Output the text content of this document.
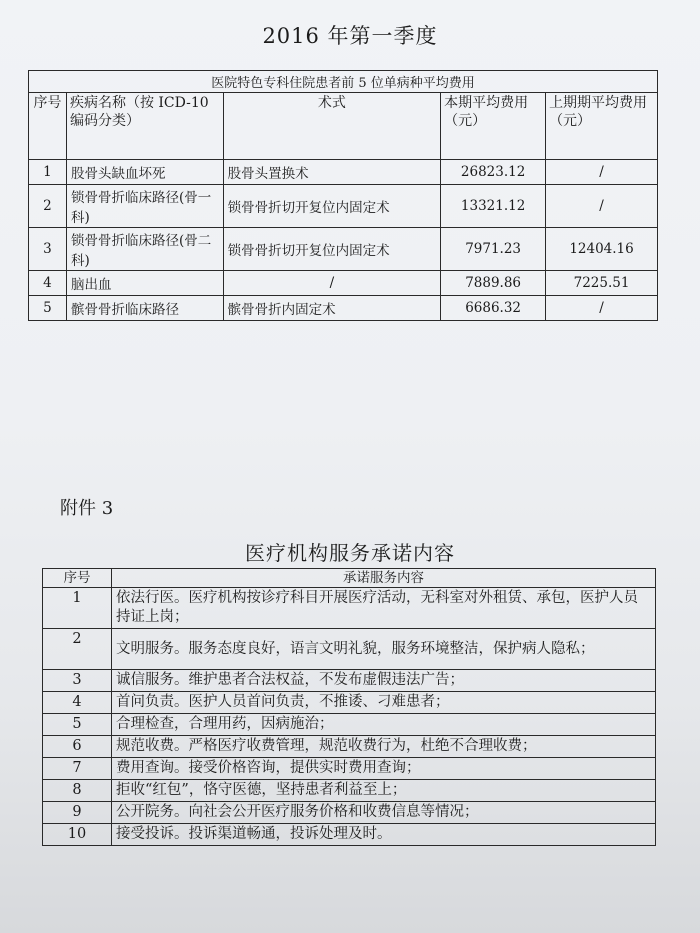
2016 年第一季度
医院特色专科住院患者前 5 位单病种平均费用				
序号	疾病名称（按 ICD-10 编码分类）	术式	本期平均费用（元）	上期期平均费用（元）
1	股骨头缺血坏死	股骨头置换术	26823.12	/
2	锁骨骨折临床路径(骨一科)	锁骨骨折切开复位内固定术	13321.12	/
3	锁骨骨折临床路径(骨二科)	锁骨骨折切开复位内固定术	7971.23	12404.16
4	脑出血	/	7889.86	7225.51
5	髌骨骨折临床路径	髌骨骨折内固定术	6686.32	/
附件 3
医疗机构服务承诺内容
序号	承诺服务内容
1	依法行医。医疗机构按诊疗科目开展医疗活动，无科室对外租赁、承包，医护人员持证上岗；
2	文明服务。服务态度良好，语言文明礼貌，服务环境整洁，保护病人隐私；
3	诚信服务。维护患者合法权益，不发布虚假违法广告；
4	首问负责。医护人员首问负责，不推诿、刁难患者；
5	合理检查，合理用药，因病施治；
6	规范收费。严格医疗收费管理，规范收费行为，杜绝不合理收费；
7	费用查询。接受价格咨询，提供实时费用查询；
8	拒收“红包”，恪守医德，坚持患者利益至上；
9	公开院务。向社会公开医疗服务价格和收费信息等情况；
10	接受投诉。投诉渠道畅通，投诉处理及时。
